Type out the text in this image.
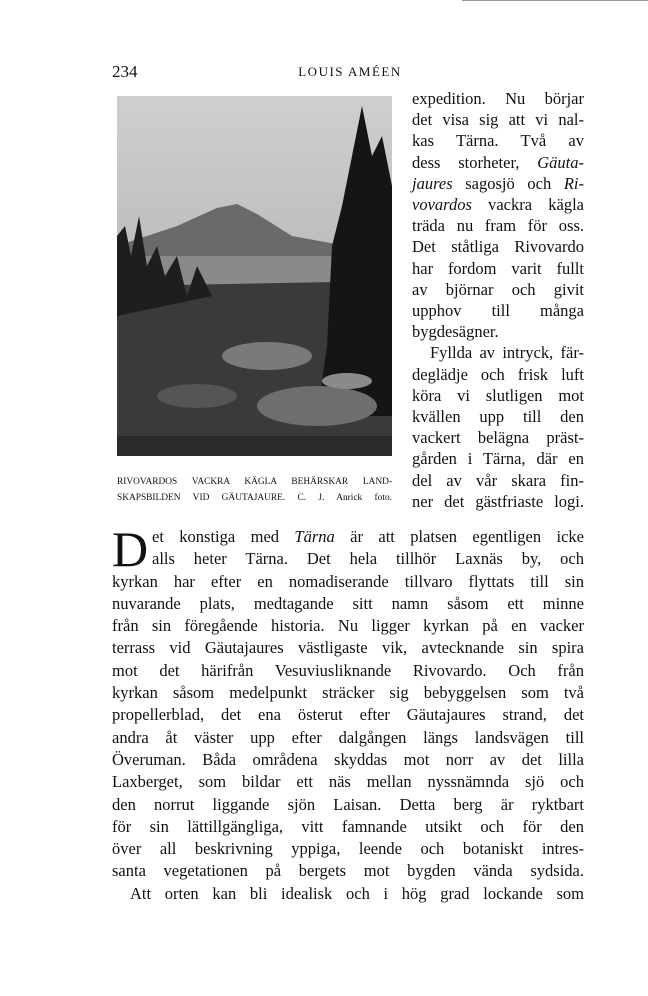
234	LOUIS AMÉEN
RIVOVARDOS VACKRA KÄGLA BEHÄRSKAR LAND-
SKAPSBILDEN VID GÄUTAJAURE. C. J. Anrick foto.
expedition. Nu börjar
det visa sig att vi nal-
kas Tärna. Två av
dess storheter, Gäuta-
jaures sagosjö och Ri-
vovardos vackra kägla
träda nu fram för oss.
Det ståtliga Rivovardo
har fordom varit fullt
av björnar och givit
upphov till många
bygdesägner.
Fyllda av intryck, fär-
deglädje och frisk luft
köra vi slutligen mot
kvällen upp till den
vackert belägna präst-
gården i Tärna, där en
del av vår skara fin-
ner det gästfriaste logi.
D et konstiga med Tärna är att platsen egentligen icke
alls heter Tärna. Det hela tillhör Laxnäs by, och
kyrkan har efter en nomadiserande tillvaro flyttats till sin
nuvarande plats, medtagande sitt namn såsom ett minne
från sin föregående historia. Nu ligger kyrkan på en vacker
terrass vid Gäutajaures västligaste vik, avtecknande sin spira
mot det härifrån Vesuviusliknande Rivovardo. Och från
kyrkan såsom medelpunkt sträcker sig bebyggelsen som två
propellerblad, det ena österut efter Gäutajaures strand, det
andra åt väster upp efter dalgången längs landsvägen till
Överuman. Båda områdena skyddas mot norr av det lilla
Laxberget, som bildar ett näs mellan nyssnämnda sjö och
den norrut liggande sjön Laisan. Detta berg är ryktbart
för sin lättillgängliga, vitt famnande utsikt och för den
över all beskrivning yppiga, leende och botaniskt intres-
santa vegetationen på bergets mot bygden vända sydsida.
Att orten kan bli idealisk och i hög grad lockande som
